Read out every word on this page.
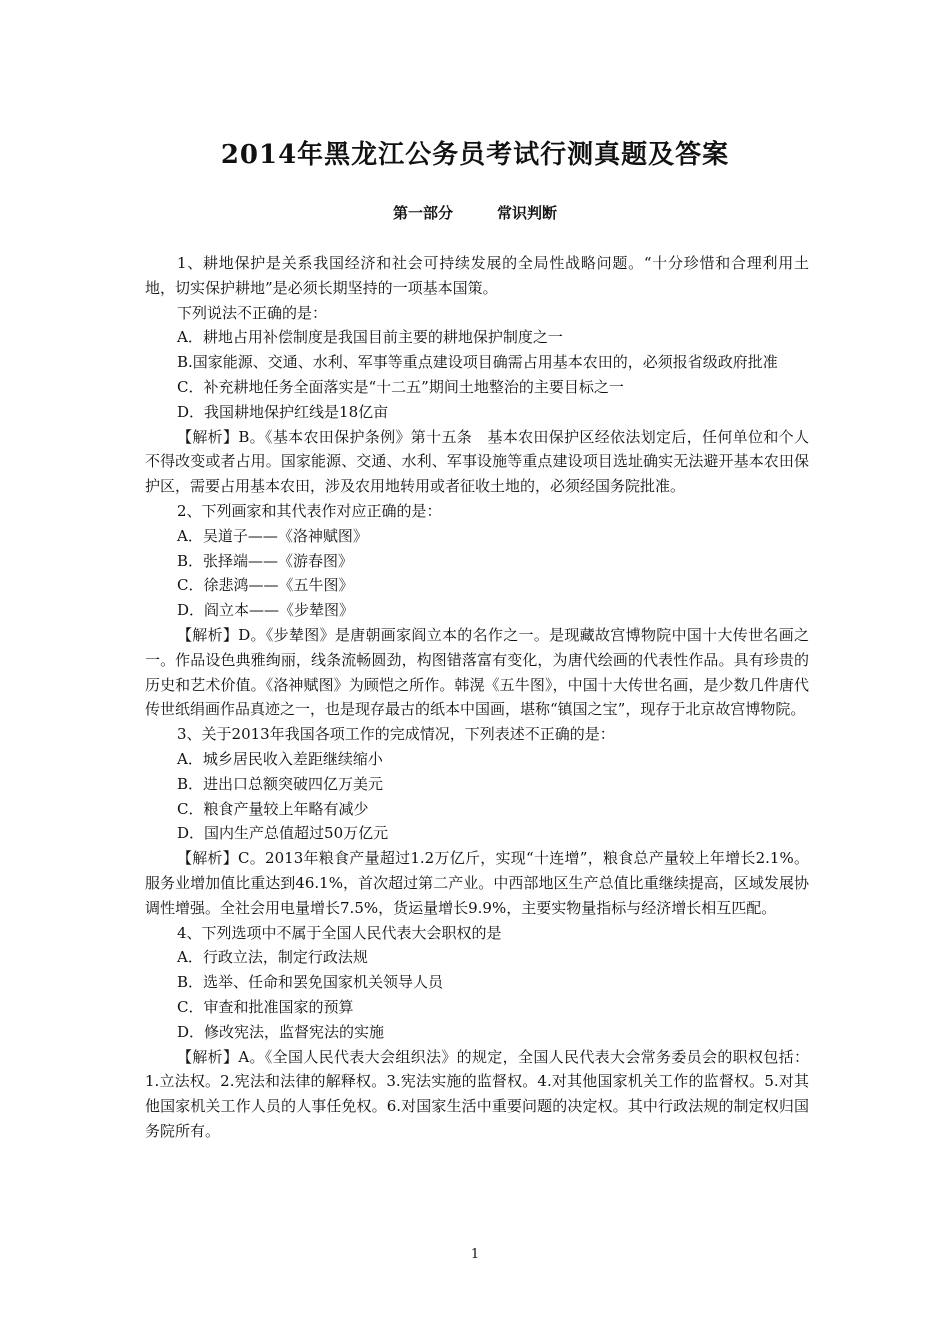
2014年黑龙江公务员考试行测真题及答案
第一部分	常识判断

1、耕地保护是关系我国经济和社会可持续发展的全局性战略问题。“十分珍惜和合理利用土地，切实保护耕地”是必须长期坚持的一项基本国策。

下列说法不正确的是：

A．耕地占用补偿制度是我国目前主要的耕地保护制度之一

B.国家能源、交通、水利、军事等重点建设项目确需占用基本农田的，必须报省级政府批准

C．补充耕地任务全面落实是“十二五”期间土地整治的主要目标之一

D．我国耕地保护红线是18亿亩

【解析】B。《基本农田保护条例》第十五条　基本农田保护区经依法划定后，任何单位和个人不得改变或者占用。国家能源、交通、水利、军事设施等重点建设项目选址确实无法避开基本农田保护区，需要占用基本农田，涉及农用地转用或者征收土地的，必须经国务院批准。

2、下列画家和其代表作对应正确的是：

A．吴道子——《洛神赋图》

B．张择端——《游春图》

C．徐悲鸿——《五牛图》

D．阎立本——《步辇图》

【解析】D。《步辇图》是唐朝画家阎立本的名作之一。是现藏故宫博物院中国十大传世名画之一。作品设色典雅绚丽，线条流畅圆劲，构图错落富有变化，为唐代绘画的代表性作品。具有珍贵的历史和艺术价值。《洛神赋图》为顾恺之所作。韩滉《五牛图》，中国十大传世名画，是少数几件唐代传世纸绢画作品真迹之一，也是现存最古的纸本中国画，堪称“镇国之宝”，现存于北京故宫博物院。

3、关于2013年我国各项工作的完成情况，下列表述不正确的是：

A．城乡居民收入差距继续缩小

B．进出口总额突破四亿万美元

C．粮食产量较上年略有减少

D．国内生产总值超过50万亿元

【解析】C。2013年粮食产量超过1.2万亿斤，实现“十连增”，粮食总产量较上年增长2.1%。服务业增加值比重达到46.1%，首次超过第二产业。中西部地区生产总值比重继续提高，区域发展协调性增强。全社会用电量增长7.5%，货运量增长9.9%，主要实物量指标与经济增长相互匹配。

4、下列选项中不属于全国人民代表大会职权的是

A．行政立法，制定行政法规

B．选举、任命和罢免国家机关领导人员

C．审查和批准国家的预算

D．修改宪法，监督宪法的实施

【解析】A。《全国人民代表大会组织法》的规定，全国人民代表大会常务委员会的职权包括：1.立法权。2.宪法和法律的解释权。3.宪法实施的监督权。4.对其他国家机关工作的监督权。5.对其他国家机关工作人员的人事任免权。6.对国家生活中重要问题的决定权。其中行政法规的制定权归国务院所有。

1
